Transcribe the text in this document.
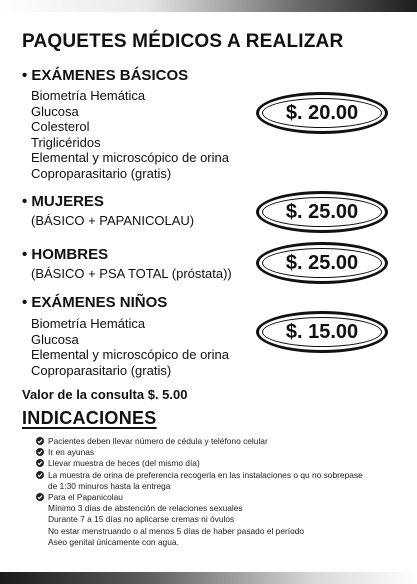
PAQUETES MÉDICOS A REALIZAR
• EXÁMENES BÁSICOS
Biometría Hemática
Glucosa
Colesterol
Triglicéridos
Elemental y microscópico de orina
Coproparasitario (gratis)
$. 20.00
• MUJERES
(BÁSICO + PAPANICOLAU)	$. 25.00
• HOMBRES
(BÁSICO + PSA TOTAL (próstata))	$. 25.00
• EXÁMENES NIÑOS
Biometría Hemática
Glucosa
Elemental y microscópico de orina
Coproparasitario (gratis)
$. 15.00
Valor de la consulta $. 5.00
INDICACIONES
Pacientes deben llevar número de cédula y teléfono celular
Ir en ayunas
Llevar muestra de heces (del mismo día)
La muestra de orina de preferencia recogerla en las instalaciones o qu no sobrepase
de 1:30 minuros hasta la entrega
Para el Papanicolau
Mínimo 3 días de abstención de relaciones sexuales
Durante 7 a 15 días no aplicarse cremas ni óvulos
No estar menstruando o al menos 5 días de haber pasado el período
Aseo genital únicamente con agua.
